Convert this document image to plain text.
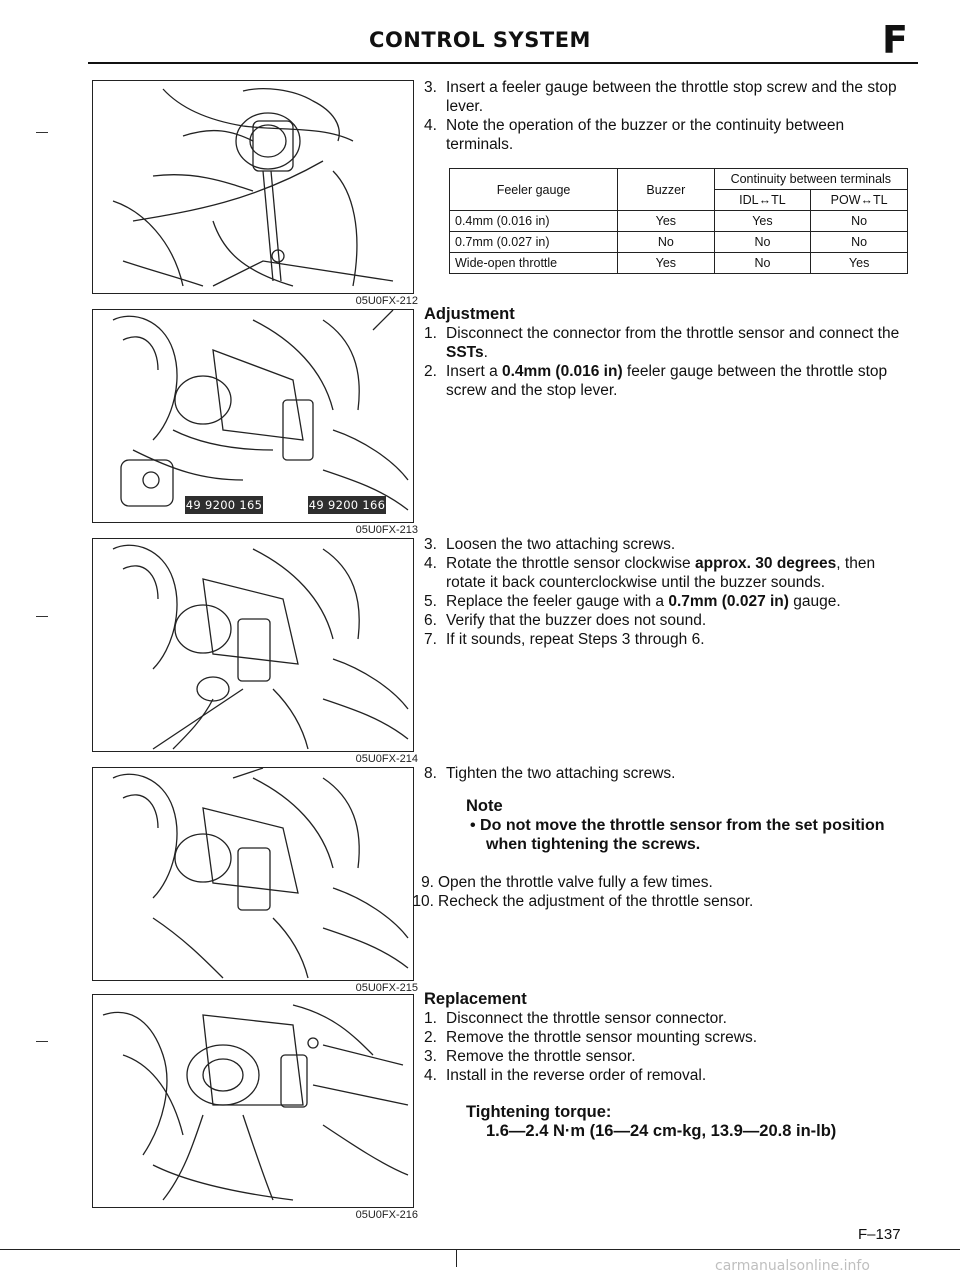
CONTROL SYSTEM	F
05U0FX-212
49 9200 165	49 9200 166
05U0FX-213
05U0FX-214
05U0FX-215
05U0FX-216

3. Insert a feeler gauge between the throttle stop screw and the stop lever.

4. Note the operation of the buzzer or the continuity between terminals.

Feeler gauge	Buzzer	Continuity between terminals	
		IDL↔TL	POW↔TL
0.4mm (0.016 in)	Yes	Yes	No
0.7mm (0.027 in)	No	No	No
Wide-open throttle	Yes	No	Yes

Adjustment

1. Disconnect the connector from the throttle sensor and connect the SSTs.

2. Insert a 0.4mm (0.016 in) feeler gauge between the throttle stop screw and the stop lever.

3. Loosen the two attaching screws.

4. Rotate the throttle sensor clockwise approx. 30 degrees, then rotate it back counterclockwise until the buzzer sounds.

5. Replace the feeler gauge with a 0.7mm (0.027 in) gauge.

6. Verify that the buzzer does not sound.

7. If it sounds, repeat Steps 3 through 6.

8. Tighten the two attaching screws.

Note

• Do not move the throttle sensor from the set position when tightening the screws.

9. Open the throttle valve fully a few times.

10. Recheck the adjustment of the throttle sensor.

Replacement

1. Disconnect the throttle sensor connector.

2. Remove the throttle sensor mounting screws.

3. Remove the throttle sensor.

4. Install in the reverse order of removal.

Tightening torque:

1.6—2.4 N·m (16—24 cm-kg, 13.9—20.8 in-lb)

F–137
carmanualsonline.info
